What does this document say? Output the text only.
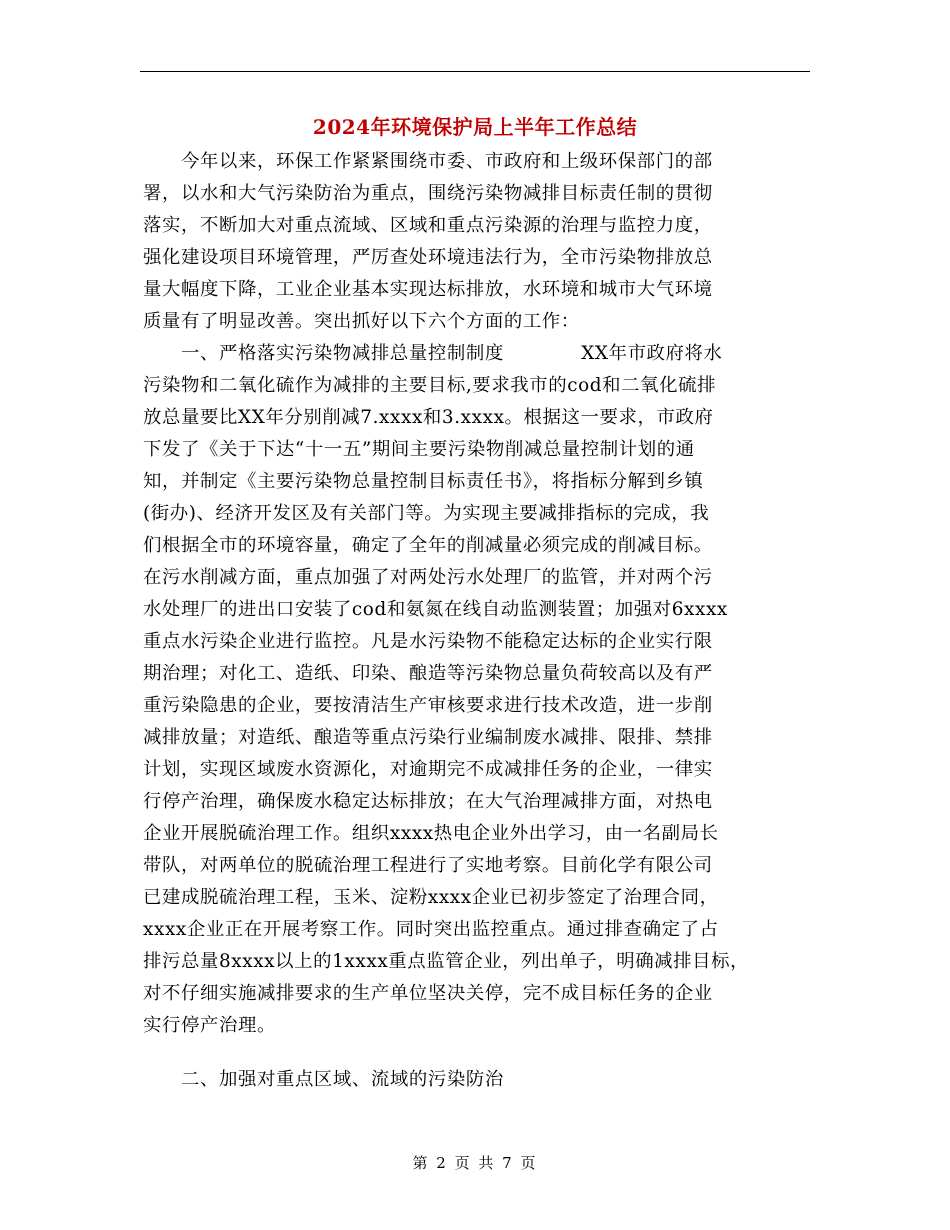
2024年环境保护局上半年工作总结
今年以来，环保工作紧紧围绕市委、市政府和上级环保部门的部
署，以水和大气污染防治为重点，围绕污染物减排目标责任制的贯彻
落实，不断加大对重点流域、区域和重点污染源的治理与监控力度，
强化建设项目环境管理，严厉查处环境违法行为，全市污染物排放总
量大幅度下降，工业企业基本实现达标排放，水环境和城市大气环境
质量有了明显改善。突出抓好以下六个方面的工作：
一、严格落实污染物减排总量控制制度            XX年市政府将水
污染物和二氧化硫作为减排的主要目标,要求我市的cod和二氧化硫排
放总量要比XX年分别削减7.xxxx和3.xxxx。根据这一要求，市政府
下发了《关于下达“十一五”期间主要污染物削减总量控制计划的通
知，并制定《主要污染物总量控制目标责任书》，将指标分解到乡镇
(街办)、经济开发区及有关部门等。为实现主要减排指标的完成，我
们根据全市的环境容量，确定了全年的削减量必须完成的削减目标。
在污水削减方面，重点加强了对两处污水处理厂的监管，并对两个污
水处理厂的进出口安装了cod和氨氮在线自动监测装置；加强对6xxxx
重点水污染企业进行监控。凡是水污染物不能稳定达标的企业实行限
期治理；对化工、造纸、印染、酿造等污染物总量负荷较高以及有严
重污染隐患的企业，要按清洁生产审核要求进行技术改造，进一步削
减排放量；对造纸、酿造等重点污染行业编制废水减排、限排、禁排
计划，实现区域废水资源化，对逾期完不成减排任务的企业，一律实
行停产治理，确保废水稳定达标排放；在大气治理减排方面，对热电
企业开展脱硫治理工作。组织xxxx热电企业外出学习，由一名副局长
带队，对两单位的脱硫治理工程进行了实地考察。目前化学有限公司
已建成脱硫治理工程，玉米、淀粉xxxx企业已初步签定了治理合同，
xxxx企业正在开展考察工作。同时突出监控重点。通过排查确定了占
排污总量8xxxx以上的1xxxx重点监管企业，列出单子，明确减排目标，
对不仔细实施减排要求的生产单位坚决关停，完不成目标任务的企业
实行停产治理。
二、加强对重点区域、流域的污染防治
第 2 页 共 7 页
